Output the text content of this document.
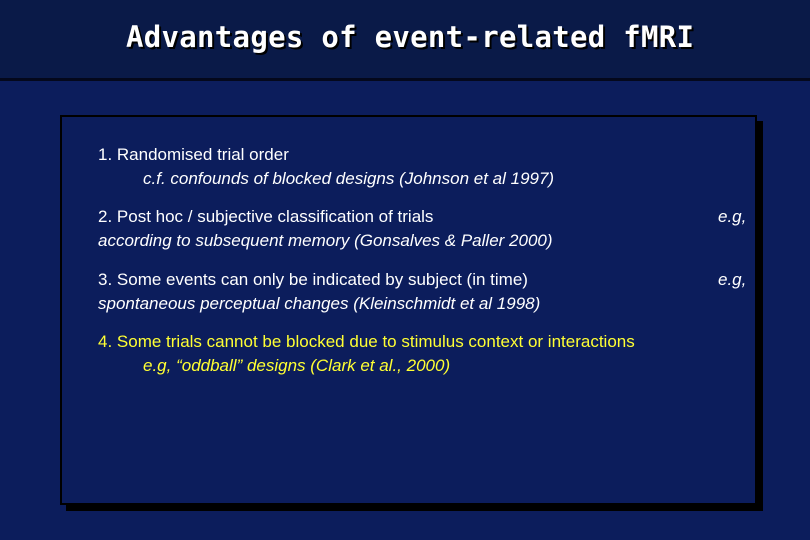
Advantages of event-related fMRI
1. Randomised trial order
c.f. confounds of blocked designs (Johnson et al 1997)
2. Post hoc / subjective classification of trials	e.g,
according to subsequent memory (Gonsalves & Paller 2000)
3. Some events can only be indicated by subject (in time)	e.g,
spontaneous perceptual changes (Kleinschmidt et al 1998)
4. Some trials cannot be blocked due to stimulus context or interactions
e.g, “oddball” designs (Clark et al., 2000)
